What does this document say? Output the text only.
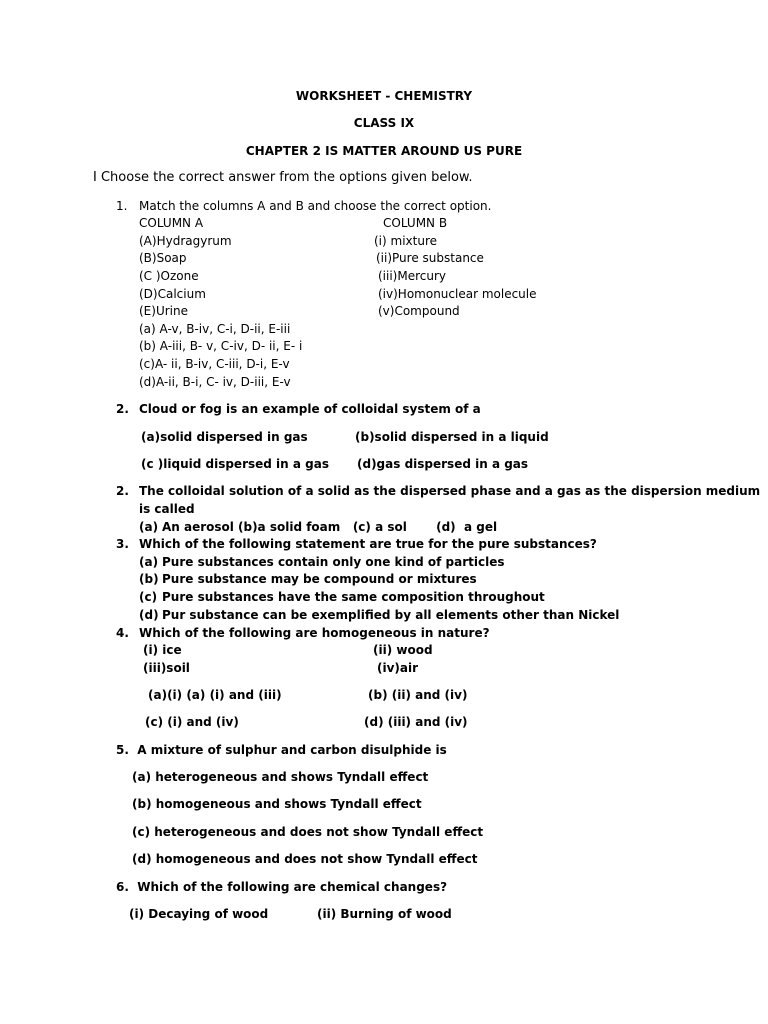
WORKSHEET - CHEMISTRY
CLASS IX
CHAPTER 2 IS MATTER AROUND US PURE
I Choose the correct answer from the options given below.
1. Match the columns A and B and choose the correct option.
COLUMN A	COLUMN B
(A)Hydragyrum	(i) mixture
(B)Soap	(ii)Pure substance
(C )Ozone	(iii)Mercury
(D)Calcium	(iv)Homonuclear molecule
(E)Urine	(v)Compound
(a) A-v, B-iv, C-i, D-ii, E-iii
(b) A-iii, B- v, C-iv, D- ii, E- i
(c)A- ii, B-iv, C-iii, D-i, E-v
(d)A-ii, B-i, C- iv, D-iii, E-v
2. Cloud or fog is an example of colloidal system of a
(a)solid dispersed in gas	(b)solid dispersed in a liquid
(c )liquid dispersed in a gas (d)gas dispersed in a gas
2. The colloidal solution of a solid as the dispersed phase and a gas as the dispersion medium
is called
(a) An aerosol (b)a solid foam   (c) a sol       (d)  a gel
3. Which of the following statement are true for the pure substances?
(a) Pure substances contain only one kind of particles
(b) Pure substance may be compound or mixtures
(c) Pure substances have the same composition throughout
(d) Pur substance can be exemplified by all elements other than Nickel
4. Which of the following are homogeneous in nature?
(i) ice	(ii) wood
(iii)soil	(iv)air
(a)(i) (a) (i) and (iii)	(b) (ii) and (iv)
(c) (i) and (iv)	(d) (iii) and (iv)
5.  A mixture of sulphur and carbon disulphide is
(a) heterogeneous and shows Tyndall effect
(b) homogeneous and shows Tyndall effect
(c) heterogeneous and does not show Tyndall effect
(d) homogeneous and does not show Tyndall effect
6.  Which of the following are chemical changes?
(i) Decaying of wood	(ii) Burning of wood
